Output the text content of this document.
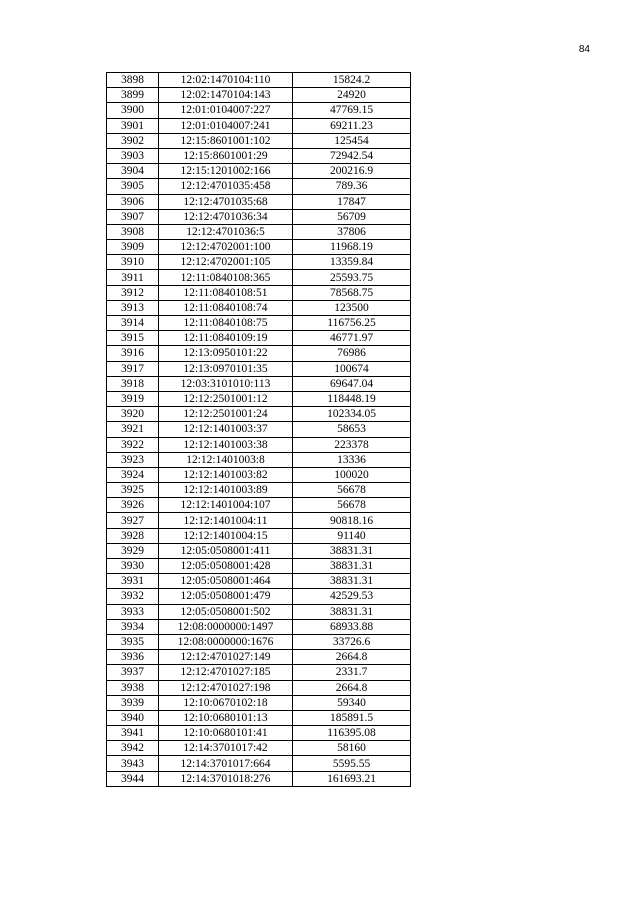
84
3898	12:02:1470104:110	15824.2
3899	12:02:1470104:143	24920
3900	12:01:0104007:227	47769.15
3901	12:01:0104007:241	69211.23
3902	12:15:8601001:102	125454
3903	12:15:8601001:29	72942.54
3904	12:15:1201002:166	200216.9
3905	12:12:4701035:458	789.36
3906	12:12:4701035:68	17847
3907	12:12:4701036:34	56709
3908	12:12:4701036:5	37806
3909	12:12:4702001:100	11968.19
3910	12:12:4702001:105	13359.84
3911	12:11:0840108:365	25593.75
3912	12:11:0840108:51	78568.75
3913	12:11:0840108:74	123500
3914	12:11:0840108:75	116756.25
3915	12:11:0840109:19	46771.97
3916	12:13:0950101:22	76986
3917	12:13:0970101:35	100674
3918	12:03:3101010:113	69647.04
3919	12:12:2501001:12	118448.19
3920	12:12:2501001:24	102334.05
3921	12:12:1401003:37	58653
3922	12:12:1401003:38	223378
3923	12:12:1401003:8	13336
3924	12:12:1401003:82	100020
3925	12:12:1401003:89	56678
3926	12:12:1401004:107	56678
3927	12:12:1401004:11	90818.16
3928	12:12:1401004:15	91140
3929	12:05:0508001:411	38831.31
3930	12:05:0508001:428	38831.31
3931	12:05:0508001:464	38831.31
3932	12:05:0508001:479	42529.53
3933	12:05:0508001:502	38831.31
3934	12:08:0000000:1497	68933.88
3935	12:08:0000000:1676	33726.6
3936	12:12:4701027:149	2664.8
3937	12:12:4701027:185	2331.7
3938	12:12:4701027:198	2664.8
3939	12:10:0670102:18	59340
3940	12:10:0680101:13	185891.5
3941	12:10:0680101:41	116395.08
3942	12:14:3701017:42	58160
3943	12:14:3701017:664	5595.55
3944	12:14:3701018:276	161693.21
